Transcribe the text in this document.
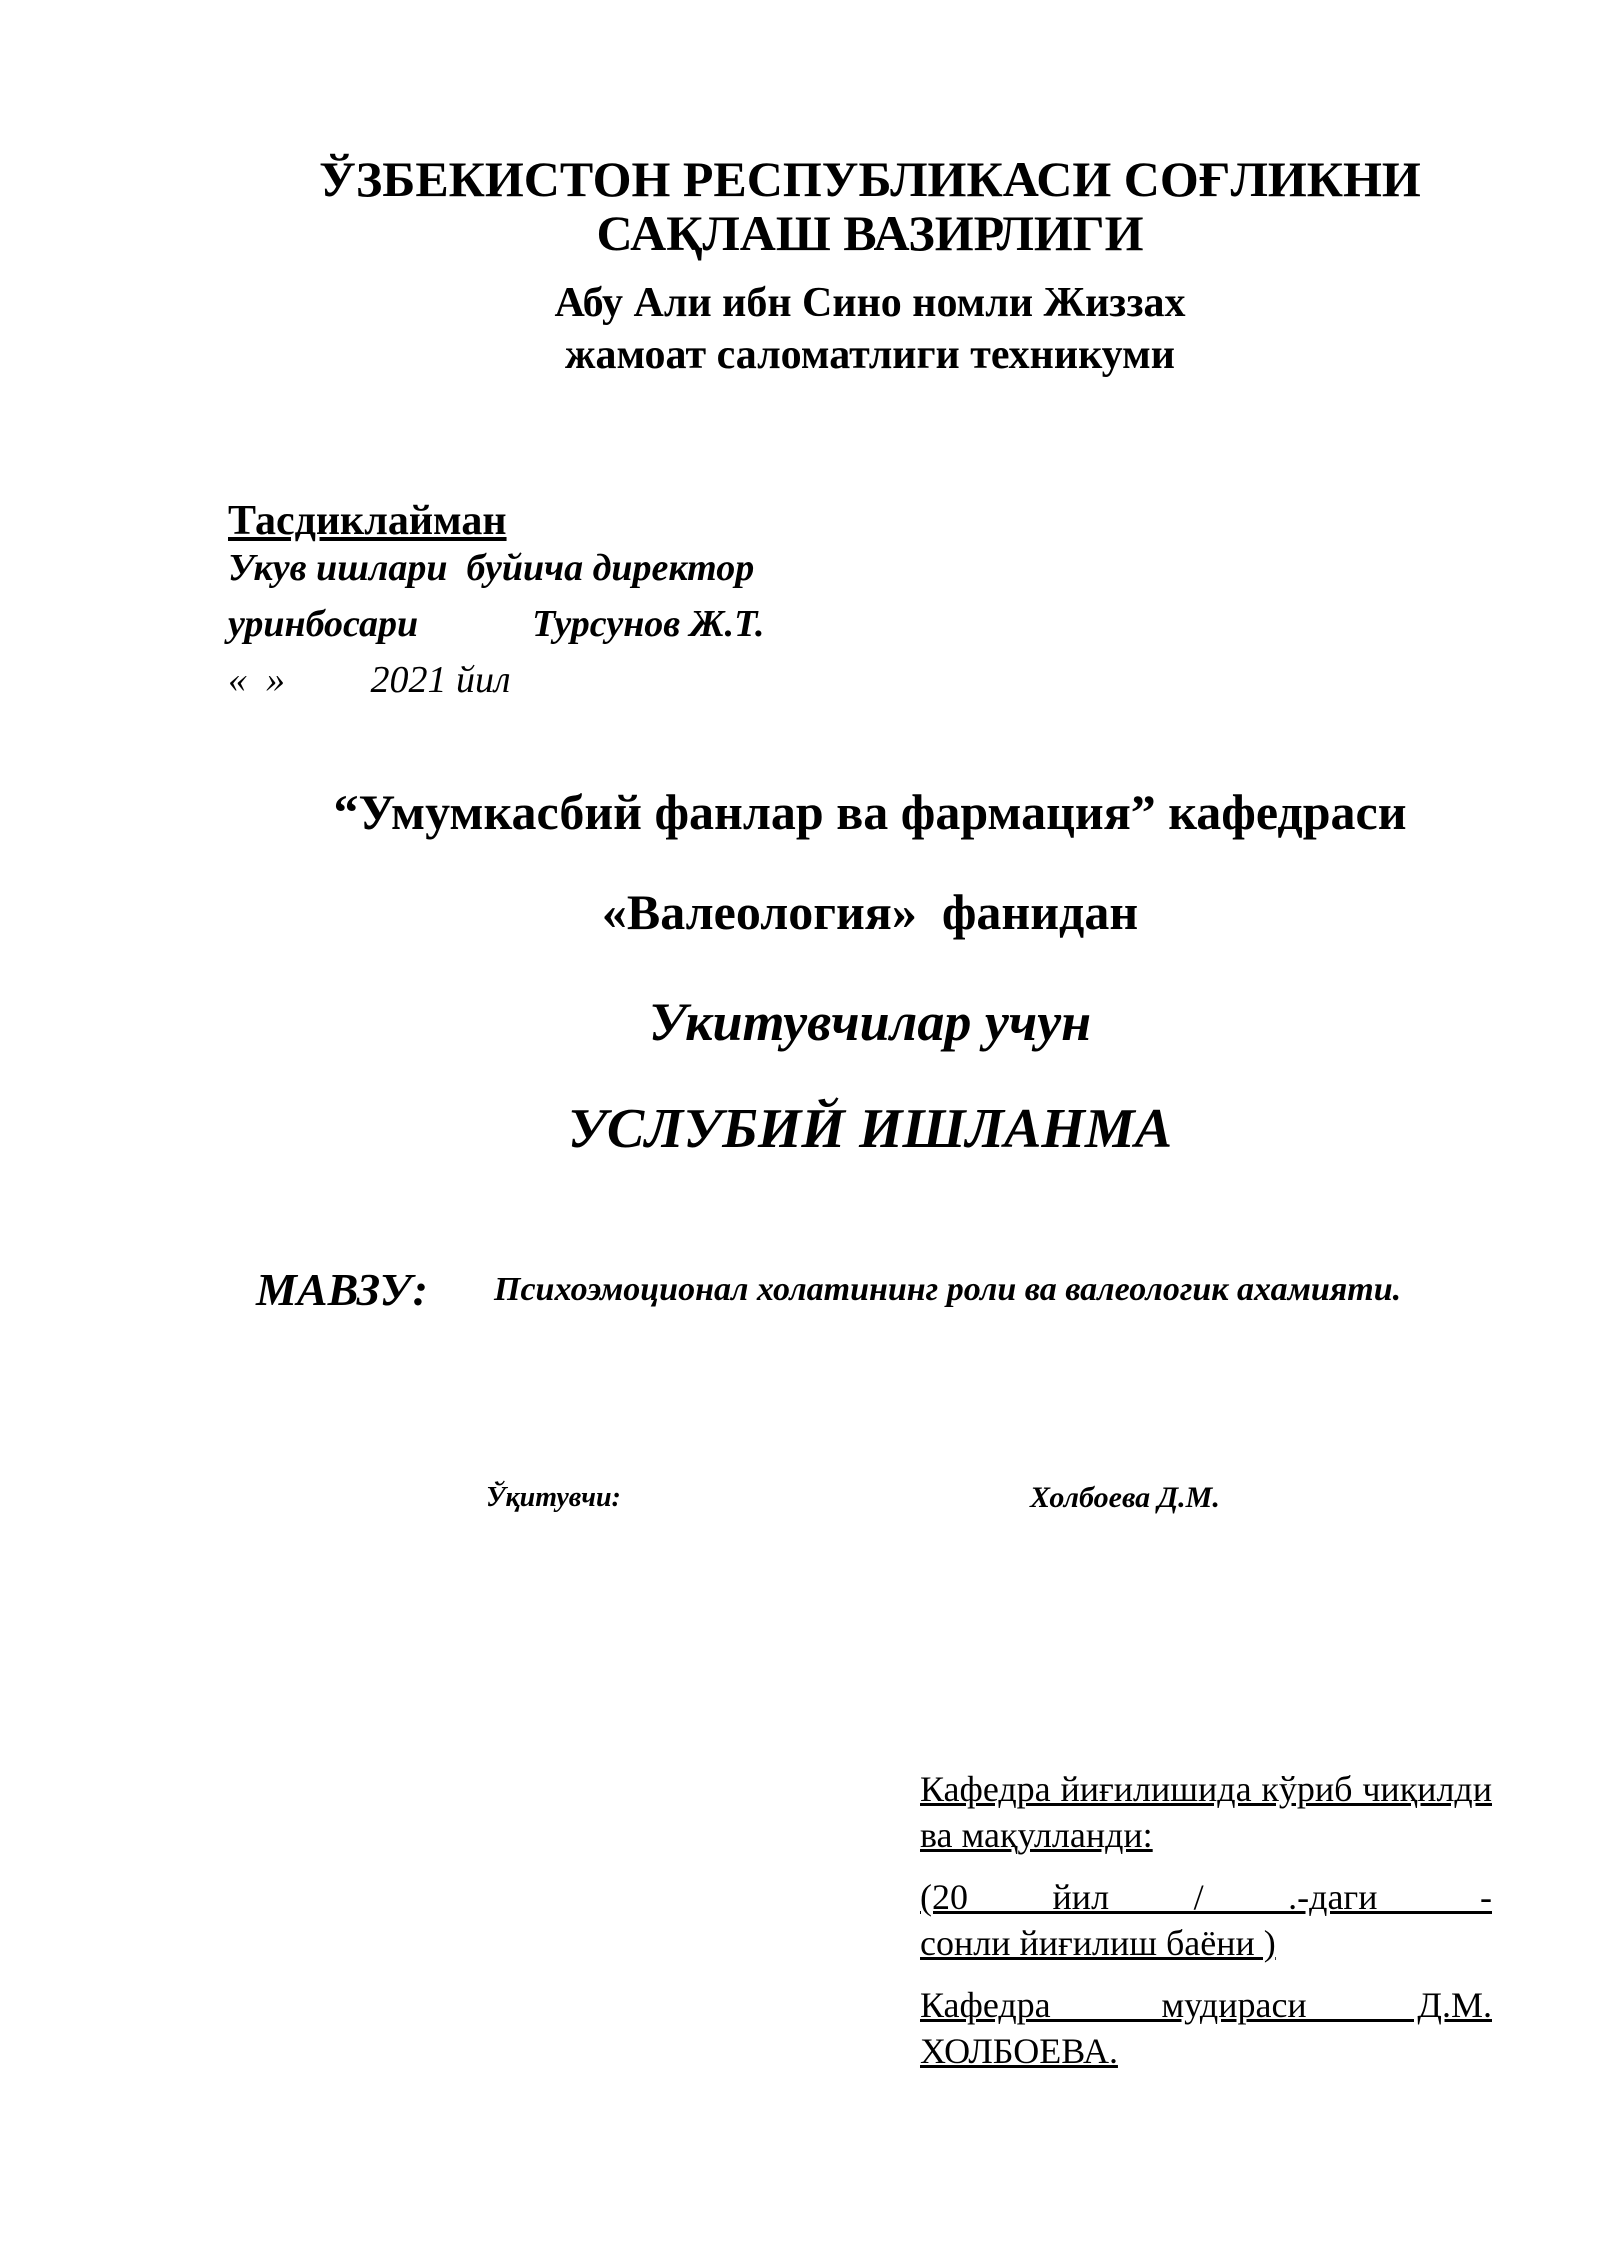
ЎЗБЕКИСТОН РЕСПУБЛИКАСИ СОҒЛИКНИ САҚЛАШ ВАЗИРЛИГИ
Абу Али ибн Сино номли Жиззах
жамоат саломатлиги техникуми
Тасдиклайман
Укув ишлари  буйича директор
уринбосари            Турсунов Ж.Т.
«  »         2021 йил
“Умумкасбий фанлар ва фармация” кафедраси
«Валеология»  фанидан
Укитувчилар учун
УСЛУБИЙ ИШЛАНМА
МАВЗУ: Психоэмоционал холатининг роли ва валеологик ахамияти.
Ўқитувчи:	Холбоева Д.М.

Кафедра йиғилишида кўриб чиқилди ва мақулланди:

(20___ йил ___/ ___.-даги ____-сонли йиғилиш баёни )

Кафедра мудираси Д.М. ХОЛБОЕВА.
